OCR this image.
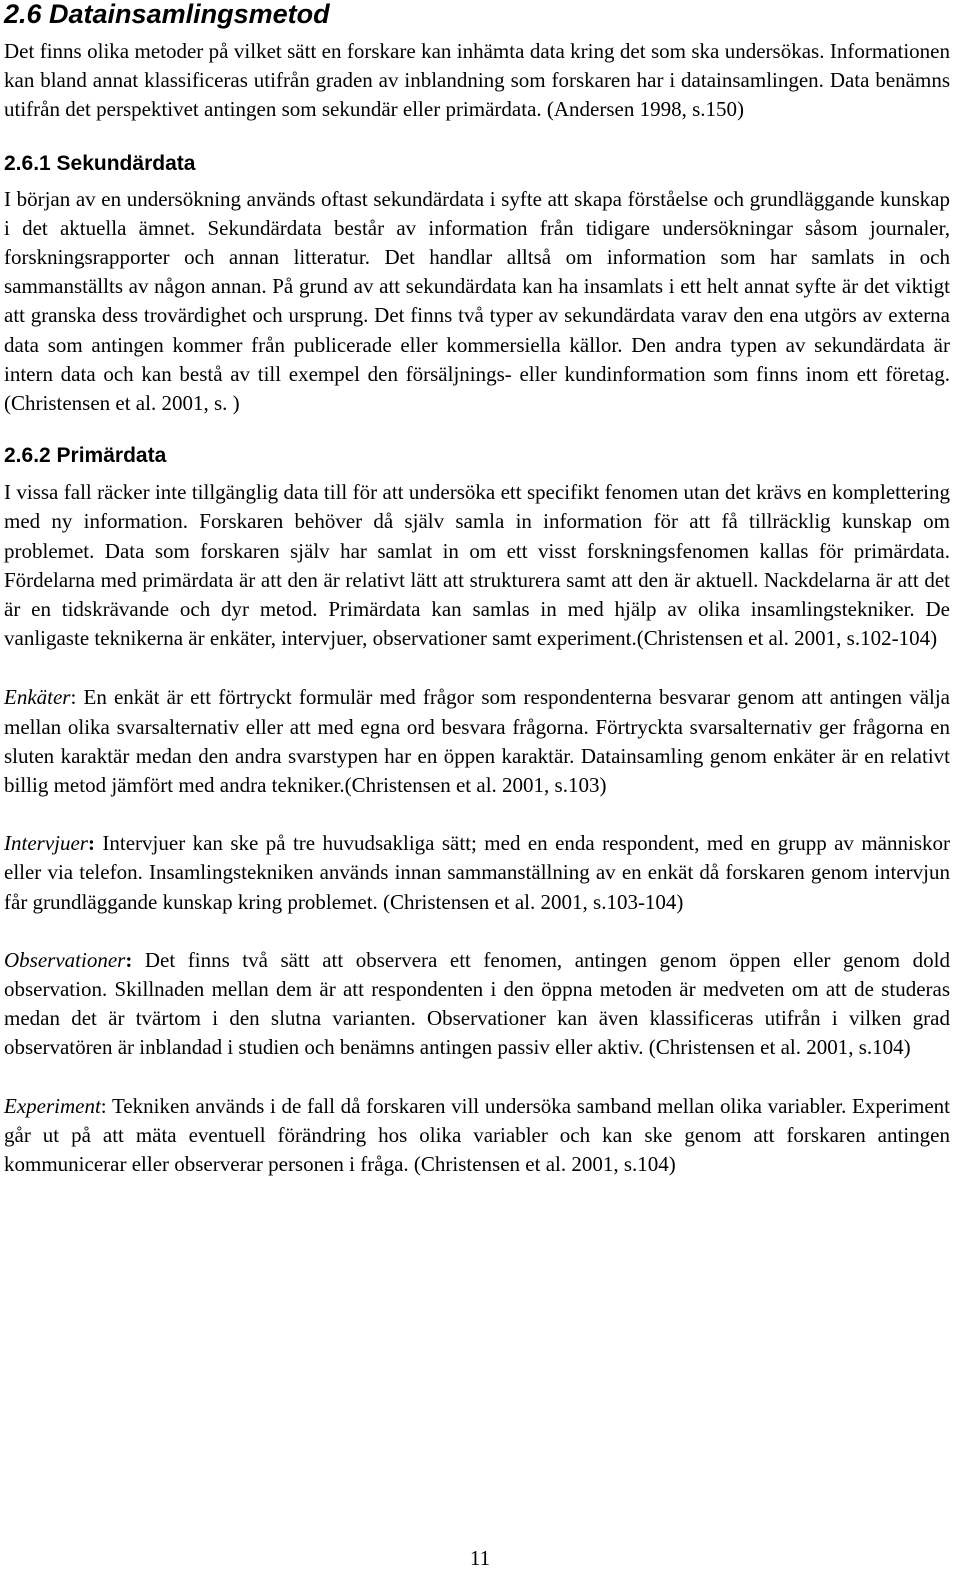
2.6 Datainsamlingsmetod

Det finns olika metoder på vilket sätt en forskare kan inhämta data kring det som ska undersökas. Informationen kan bland annat klassificeras utifrån graden av inblandning som forskaren har i datainsamlingen. Data benämns utifrån det perspektivet antingen som sekundär eller primärdata. (Andersen 1998, s.150)

2.6.1 Sekundärdata

I början av en undersökning används oftast sekundärdata i syfte att skapa förståelse och grundläggande kunskap i det aktuella ämnet. Sekundärdata består av information från tidigare undersökningar såsom journaler, forskningsrapporter och annan litteratur. Det handlar alltså om information som har samlats in och sammanställts av någon annan. På grund av att sekundärdata kan ha insamlats i ett helt annat syfte är det viktigt att granska dess trovärdighet och ursprung. Det finns två typer av sekundärdata varav den ena utgörs av externa data som antingen kommer från publicerade eller kommersiella källor. Den andra typen av sekundärdata är intern data och kan bestå av till exempel den försäljnings- eller kundinformation som finns inom ett företag. (Christensen et al. 2001, s. )

2.6.2 Primärdata

I vissa fall räcker inte tillgänglig data till för att undersöka ett specifikt fenomen utan det krävs en komplettering med ny information. Forskaren behöver då själv samla in information för att få tillräcklig kunskap om problemet. Data som forskaren själv har samlat in om ett visst forskningsfenomen kallas för primärdata. Fördelarna med primärdata är att den är relativt lätt att strukturera samt att den är aktuell. Nackdelarna är att det är en tidskrävande och dyr metod. Primärdata kan samlas in med hjälp av olika insamlingstekniker. De vanligaste teknikerna är enkäter, intervjuer, observationer samt experiment.(Christensen et al. 2001, s.102-104)

Enkäter: En enkät är ett förtryckt formulär med frågor som respondenterna besvarar genom att antingen välja mellan olika svarsalternativ eller att med egna ord besvara frågorna. Förtryckta svarsalternativ ger frågorna en sluten karaktär medan den andra svarstypen har en öppen karaktär. Datainsamling genom enkäter är en relativt billig metod jämfört med andra tekniker.(Christensen et al. 2001, s.103)

Intervjuer: Intervjuer kan ske på tre huvudsakliga sätt; med en enda respondent, med en grupp av människor eller via telefon. Insamlingstekniken används innan sammanställning av en enkät då forskaren genom intervjun får grundläggande kunskap kring problemet. (Christensen et al. 2001, s.103-104)

Observationer: Det finns två sätt att observera ett fenomen, antingen genom öppen eller genom dold observation. Skillnaden mellan dem är att respondenten i den öppna metoden är medveten om att de studeras medan det är tvärtom i den slutna varianten. Observationer kan även klassificeras utifrån i vilken grad observatören är inblandad i studien och benämns antingen passiv eller aktiv. (Christensen et al. 2001, s.104)

Experiment: Tekniken används i de fall då forskaren vill undersöka samband mellan olika variabler. Experiment går ut på att mäta eventuell förändring hos olika variabler och kan ske genom att forskaren antingen kommunicerar eller observerar personen i fråga. (Christensen et al. 2001, s.104)

11
